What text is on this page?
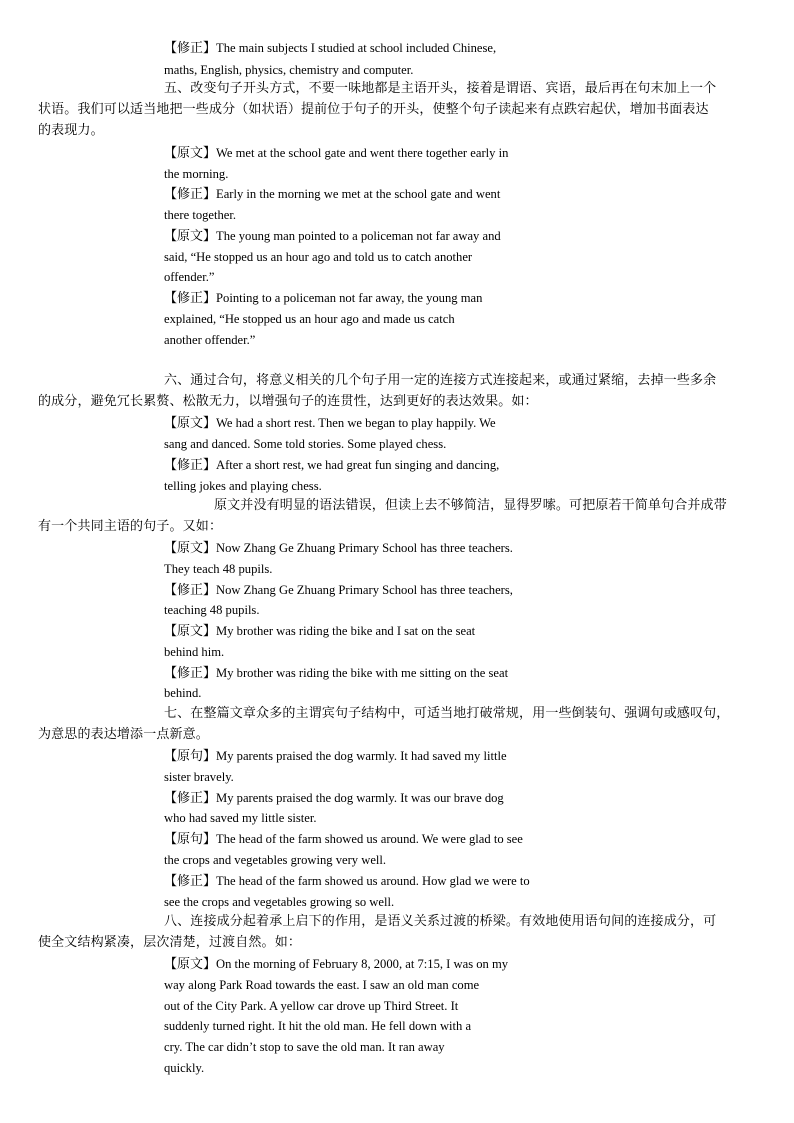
【修正】The main subjects I studied at school included Chinese,
maths, English, physics, chemistry and computer.
五、改变句子开头方式，不要一味地都是主语开头，接着是谓语、宾语，最后再在句末加上一个
状语。我们可以适当地把一些成分（如状语）提前位于句子的开头，使整个句子读起来有点跌宕起伏，增加书面表达
的表现力。
【原文】We met at the school gate and went there together early in
the morning.
【修正】Early in the morning we met at the school gate and went
there together.
【原文】The young man pointed to a policeman not far away and
said, “He stopped us an hour ago and told us to catch another
offender.”
【修正】Pointing to a policeman not far away, the young man
explained, “He stopped us an hour ago and made us catch
another offender.”
六、通过合句，将意义相关的几个句子用一定的连接方式连接起来，或通过紧缩，去掉一些多余
的成分，避免冗长累赘、松散无力，以增强句子的连贯性，达到更好的表达效果。如：
【原文】We had a short rest. Then we began to play happily. We
sang and danced. Some told stories. Some played chess.
【修正】After a short rest, we had great fun singing and dancing,
telling jokes and playing chess.
原文并没有明显的语法错误，但读上去不够简洁，显得罗嗦。可把原若干简单句合并成带
有一个共同主语的句子。又如：
【原文】Now Zhang Ge Zhuang Primary School has three teachers.
They teach 48 pupils.
【修正】Now Zhang Ge Zhuang Primary School has three teachers,
teaching 48 pupils.
【原文】My brother was riding the bike and I sat on the seat
behind him.
【修正】My brother was riding the bike with me sitting on the seat
behind.
七、在整篇文章众多的主谓宾句子结构中，可适当地打破常规，用一些倒装句、强调句或感叹句，
为意思的表达增添一点新意。
【原句】My parents praised the dog warmly. It had saved my little
sister bravely.
【修正】My parents praised the dog warmly. It was our brave dog
who had saved my little sister.
【原句】The head of the farm showed us around. We were glad to see
the crops and vegetables growing very well.
【修正】The head of the farm showed us around. How glad we were to
see the crops and vegetables growing so well.
八、连接成分起着承上启下的作用，是语义关系过渡的桥梁。有效地使用语句间的连接成分，可
使全文结构紧凑，层次清楚，过渡自然。如：
【原文】On the morning of February 8, 2000, at 7:15, I was on my
way along Park Road towards the east. I saw an old man come
out of the City Park. A yellow car drove up Third Street. It
suddenly turned right. It hit the old man. He fell down with a
cry. The car didn’t stop to save the old man. It ran away
quickly.
